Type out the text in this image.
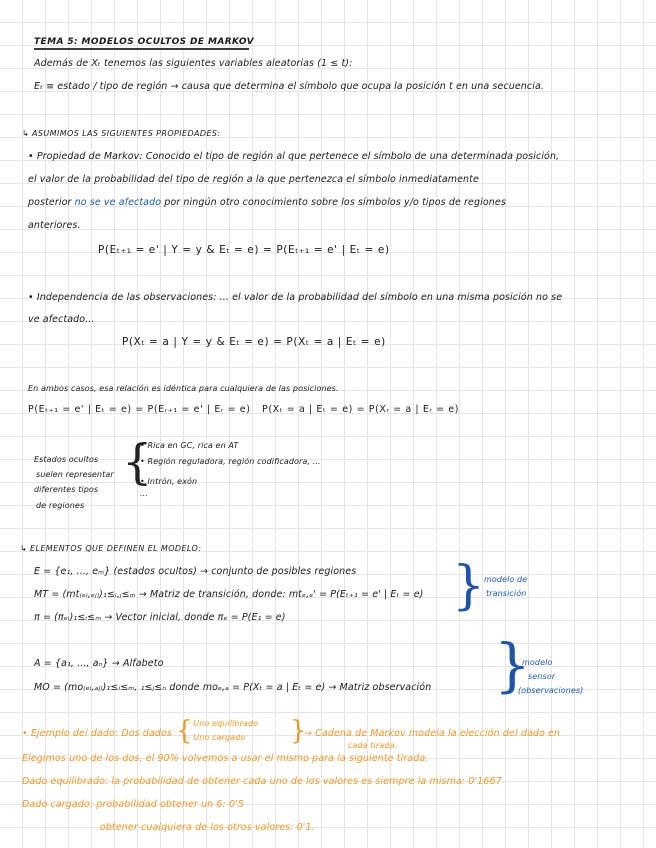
TEMA 5: MODELOS OCULTOS DE MARKOV
Además de Xₜ tenemos las siguientes variables aleatorias (1 ≤ t):
Eₜ ≡ estado / tipo de región → causa que determina el símbolo que ocupa la posición t en una secuencia.
↳ ASUMIMOS LAS SIGUIENTES PROPIEDADES:
• Propiedad de Markov: Conocido el tipo de región al que pertenece el símbolo de una determinada posición,
el valor de la probabilidad del tipo de región a la que pertenezca el símbolo inmediatamente
posterior no se ve afectado por ningún otro conocimiento sobre los símbolos y/o tipos de regiones
anteriores.
P(Eₜ₊₁ = e' | Y = y & Eₜ = e) = P(Eₜ₊₁ = e' | Eₜ = e)
• Independencia de las observaciones: ... el valor de la probabilidad del símbolo en una misma posición no se
ve afectado...
P(Xₜ = a | Y = y & Eₜ = e) = P(Xₜ = a | Eₜ = e)
En ambos casos, esa relación es idéntica para cualquiera de las posiciones.
P(Eₜ₊₁ = e' | Eₜ = e) = P(Eᵣ₊₁ = e' | Eᵣ = e) P(Xₜ = a | Eₜ = e) = P(Xᵣ = a | Eᵣ = e)
Estados ocultos
suelen representar
diferentes tipos
de regiones
{
• Rica en GC, rica en AT
• Región reguladora, región codificadora, ...
• Intrón, exón
...
↳ ELEMENTOS QUE DEFINEN EL MODELO:
E = {e₁, ..., eₘ} (estados ocultos) → conjunto de posibles regiones
MT = (mt₍ₑᵢ,ₑⱼ₎)₁≤ᵢ,ⱼ≤ₘ → Matriz de transición, donde: mtₑ,ₑ' = P(Eₜ₊₁ = e' | Eₜ = e)
π = (πₑᵢ)₁≤ᵢ≤ₘ → Vector inicial, donde πₑ = P(E₁ = e)
}
modelo de
transición
A = {a₁, ..., aₙ} → Alfabeto
MO = (mo₍ₑᵢ,ₐⱼ₎)₁≤ᵢ≤ₘ, ₁≤ⱼ≤ₙ donde moₑ,ₐ = P(Xₜ = a | Eₜ = e) → Matriz observación }
modelo
sensor
(observaciones)
• Ejemplo del dado: Dos dados {
· Uno equilibrado
· Uno cargado }
→ Cadena de Markov modela la elección del dado en
cada tirada.
Elegimos uno de los dos, el 90% volvemos a usar el mismo para la siguiente tirada.
Dado equilibrado: la probabilidad de obtener cada uno de los valores es siempre la misma: 0'1667
Dado cargado: probabilidad obtener un 6: 0'5
obtener cualquiera de los otros valores: 0'1.
